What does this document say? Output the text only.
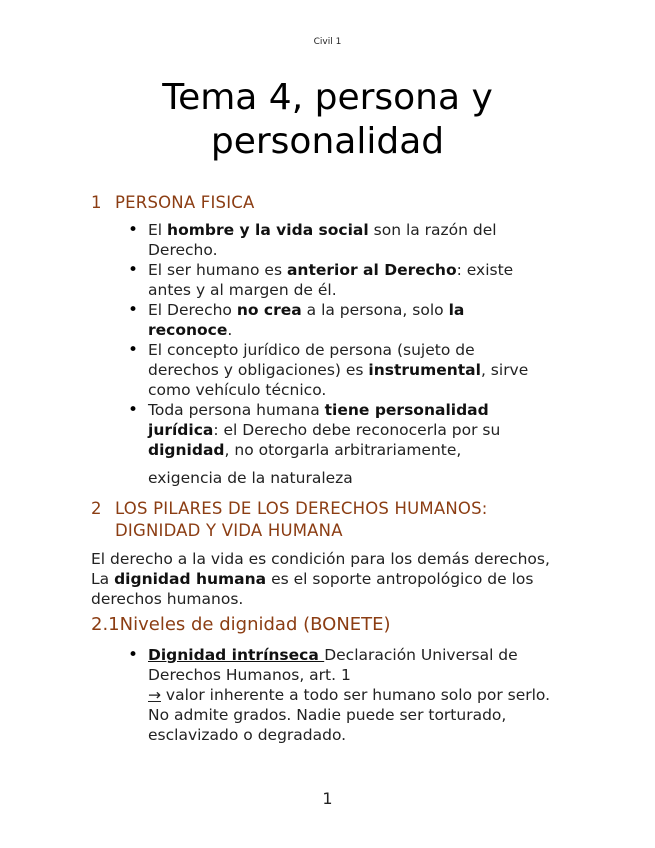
Civil 1
Tema 4, persona y
personalidad
1 PERSONA FISICA
• El hombre y la vida social son la razón del Derecho.
• El ser humano es anterior al Derecho: existe antes y al margen de él.
• El Derecho no crea a la persona, solo la reconoce.
• El concepto jurídico de persona (sujeto de derechos y obligaciones) es instrumental, sirve como vehículo técnico.
• Toda persona humana tiene personalidad jurídica: el Derecho debe reconocerla por su dignidad, no otorgarla arbitrariamente,

exigencia de la naturaleza

2 LOS PILARES DE LOS DERECHOS HUMANOS:
DIGNIDAD Y VIDA HUMANA

El derecho a la vida es condición para los demás derechos, La dignidad humana es el soporte antropológico de los derechos humanos.

2.1Niveles de dignidad (BONETE)
• Dignidad intrínseca Declaración Universal de Derechos Humanos, art. 1
→ valor inherente a todo ser humano solo por serlo. No admite grados. Nadie puede ser torturado, esclavizado o degradado.
1
